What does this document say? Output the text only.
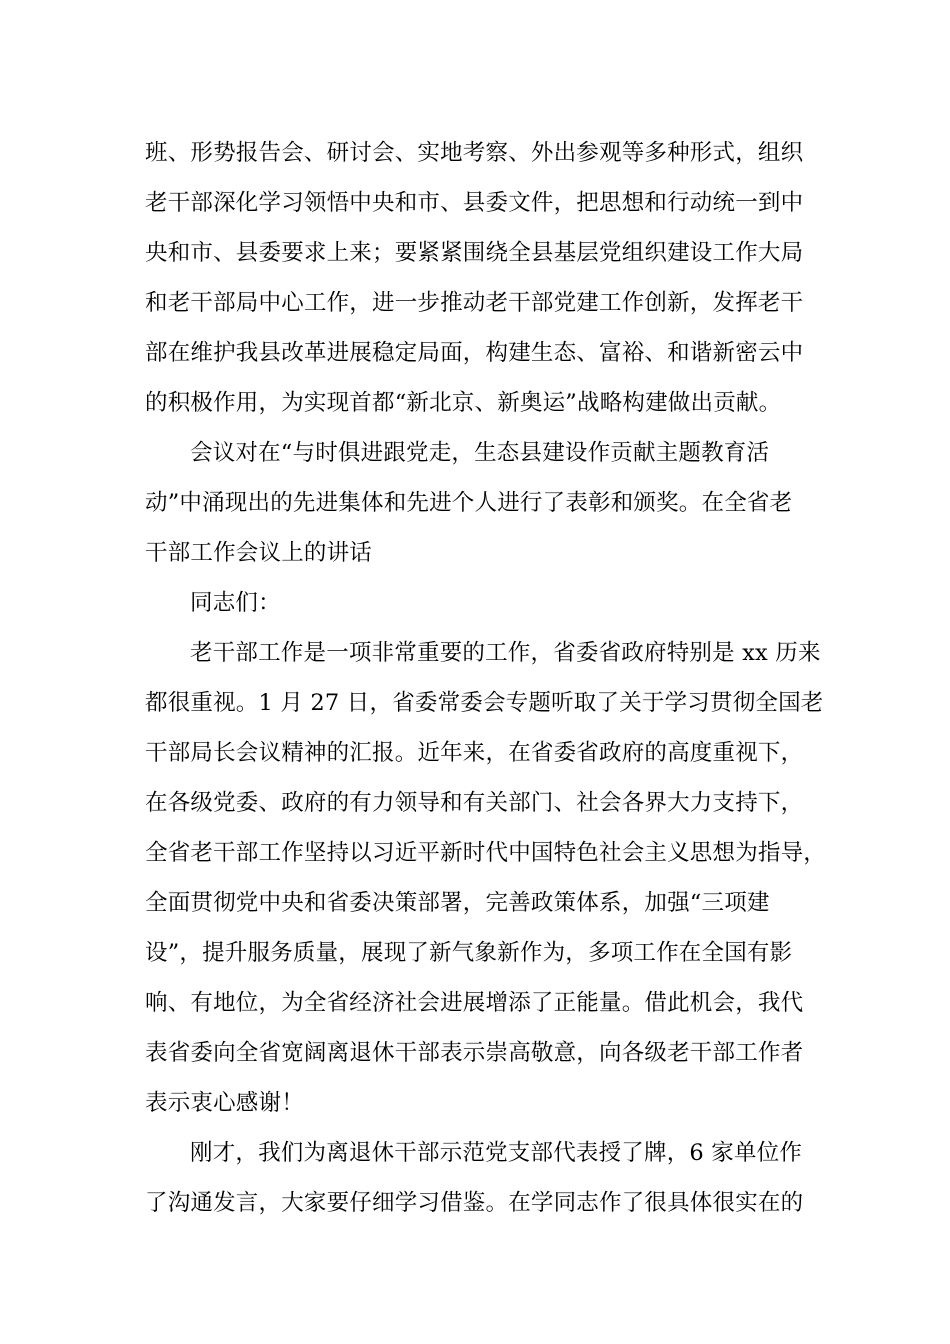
班、形势报告会、研讨会、实地考察、外出参观等多种形式，组织
老干部深化学习领悟中央和市、县委文件，把思想和行动统一到中
央和市、县委要求上来；要紧紧围绕全县基层党组织建设工作大局
和老干部局中心工作，进一步推动老干部党建工作创新，发挥老干
部在维护我县改革进展稳定局面，构建生态、富裕、和谐新密云中
的积极作用，为实现首都“新北京、新奥运”战略构建做出贡献。
会议对在“与时俱进跟党走，生态县建设作贡献主题教育活
动”中涌现出的先进集体和先进个人进行了表彰和颁奖。在全省老
干部工作会议上的讲话
同志们：
老干部工作是一项非常重要的工作，省委省政府特别是 xx 历来
都很重视。1 月 27 日，省委常委会专题听取了关于学习贯彻全国老
干部局长会议精神的汇报。近年来，在省委省政府的高度重视下，
在各级党委、政府的有力领导和有关部门、社会各界大力支持下，
全省老干部工作坚持以习近平新时代中国特色社会主义思想为指导，
全面贯彻党中央和省委决策部署，完善政策体系，加强“三项建
设”，提升服务质量，展现了新气象新作为，多项工作在全国有影
响、有地位，为全省经济社会进展增添了正能量。借此机会，我代
表省委向全省宽阔离退休干部表示崇高敬意，向各级老干部工作者
表示衷心感谢！
刚才，我们为离退休干部示范党支部代表授了牌，6 家单位作
了沟通发言，大家要仔细学习借鉴。在学同志作了很具体很实在的
